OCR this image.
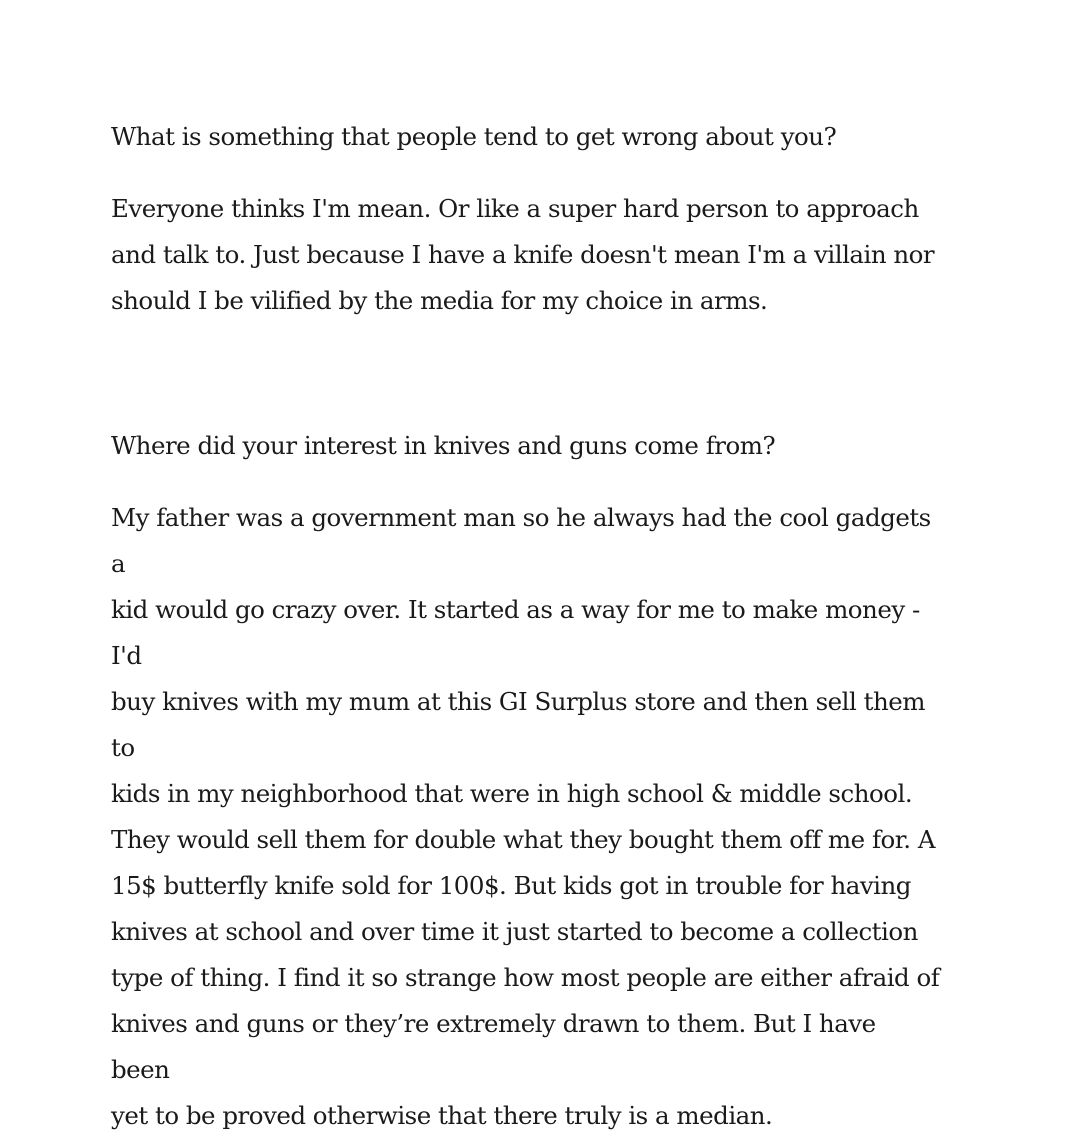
What is something that people tend to get wrong about you?

Everyone thinks I'm mean. Or like a super hard person to approach
and talk to. Just because I have a knife doesn't mean I'm a villain nor
should I be vilified by the media for my choice in arms.

Where did your interest in knives and guns come from?

My father was a government man so he always had the cool gadgets a
kid would go crazy over. It started as a way for me to make money - I'd
buy knives with my mum at this GI Surplus store and then sell them to
kids in my neighborhood that were in high school & middle school.
They would sell them for double what they bought them off me for. A
15$ butterfly knife sold for 100$. But kids got in trouble for having
knives at school and over time it just started to become a collection
type of thing. I find it so strange how most people are either afraid of
knives and guns or they’re extremely drawn to them. But I have been
yet to be proved otherwise that there truly is a median.
